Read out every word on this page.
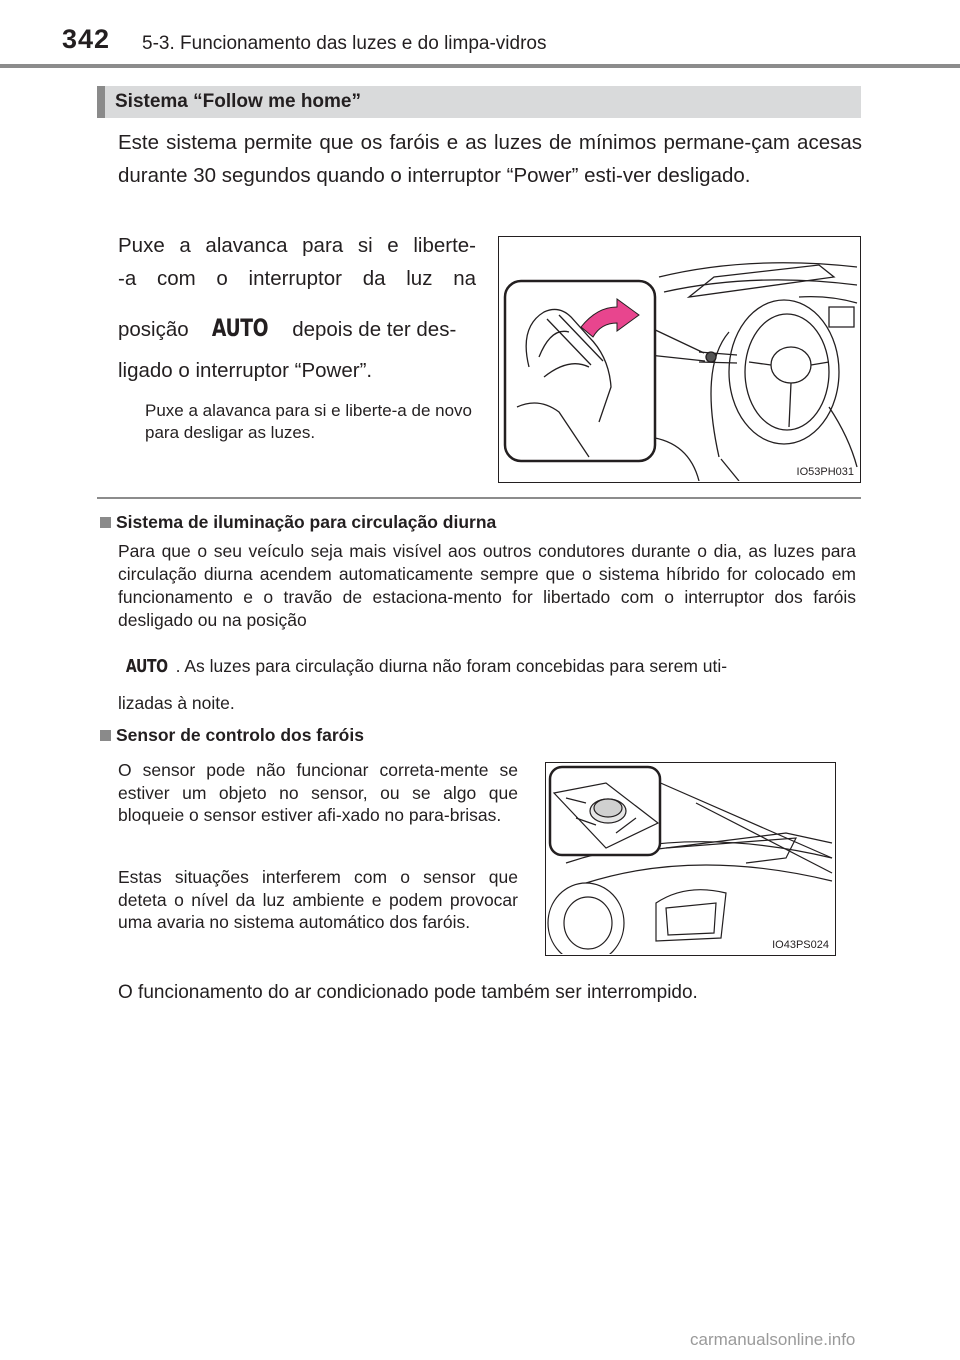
342 5-3. Funcionamento das luzes e do limpa-vidros
Sistema “Follow me home”
Este sistema permite que os faróis e as luzes de mínimos permane-çam acesas durante 30 segundos quando o interruptor “Power” esti-ver desligado.
Puxe a alavanca para si e liberte-
-a com o interruptor da luz na
posição AUTO depois de ter des-
ligado o interruptor “Power”.
Puxe a alavanca para si e liberte-a de novo para desligar as luzes.
IO53PH031
Sistema de iluminação para circulação diurna
Para que o seu veículo seja mais visível aos outros condutores durante o dia, as luzes para circulação diurna acendem automaticamente sempre que o sistema híbrido for colocado em funcionamento e o travão de estaciona-mento for libertado com o interruptor dos faróis desligado ou na posição
AUTO . As luzes para circulação diurna não foram concebidas para serem uti-
lizadas à noite.
Sensor de controlo dos faróis
O sensor pode não funcionar correta-mente se estiver um objeto no sensor, ou se algo que bloqueie o sensor estiver afi-xado no para-brisas.
Estas situações interferem com o sensor que deteta o nível da luz ambiente e podem provocar uma avaria no sistema automático dos faróis.
IO43PS024
O funcionamento do ar condicionado pode também ser interrompido.
carmanualsonline.info
